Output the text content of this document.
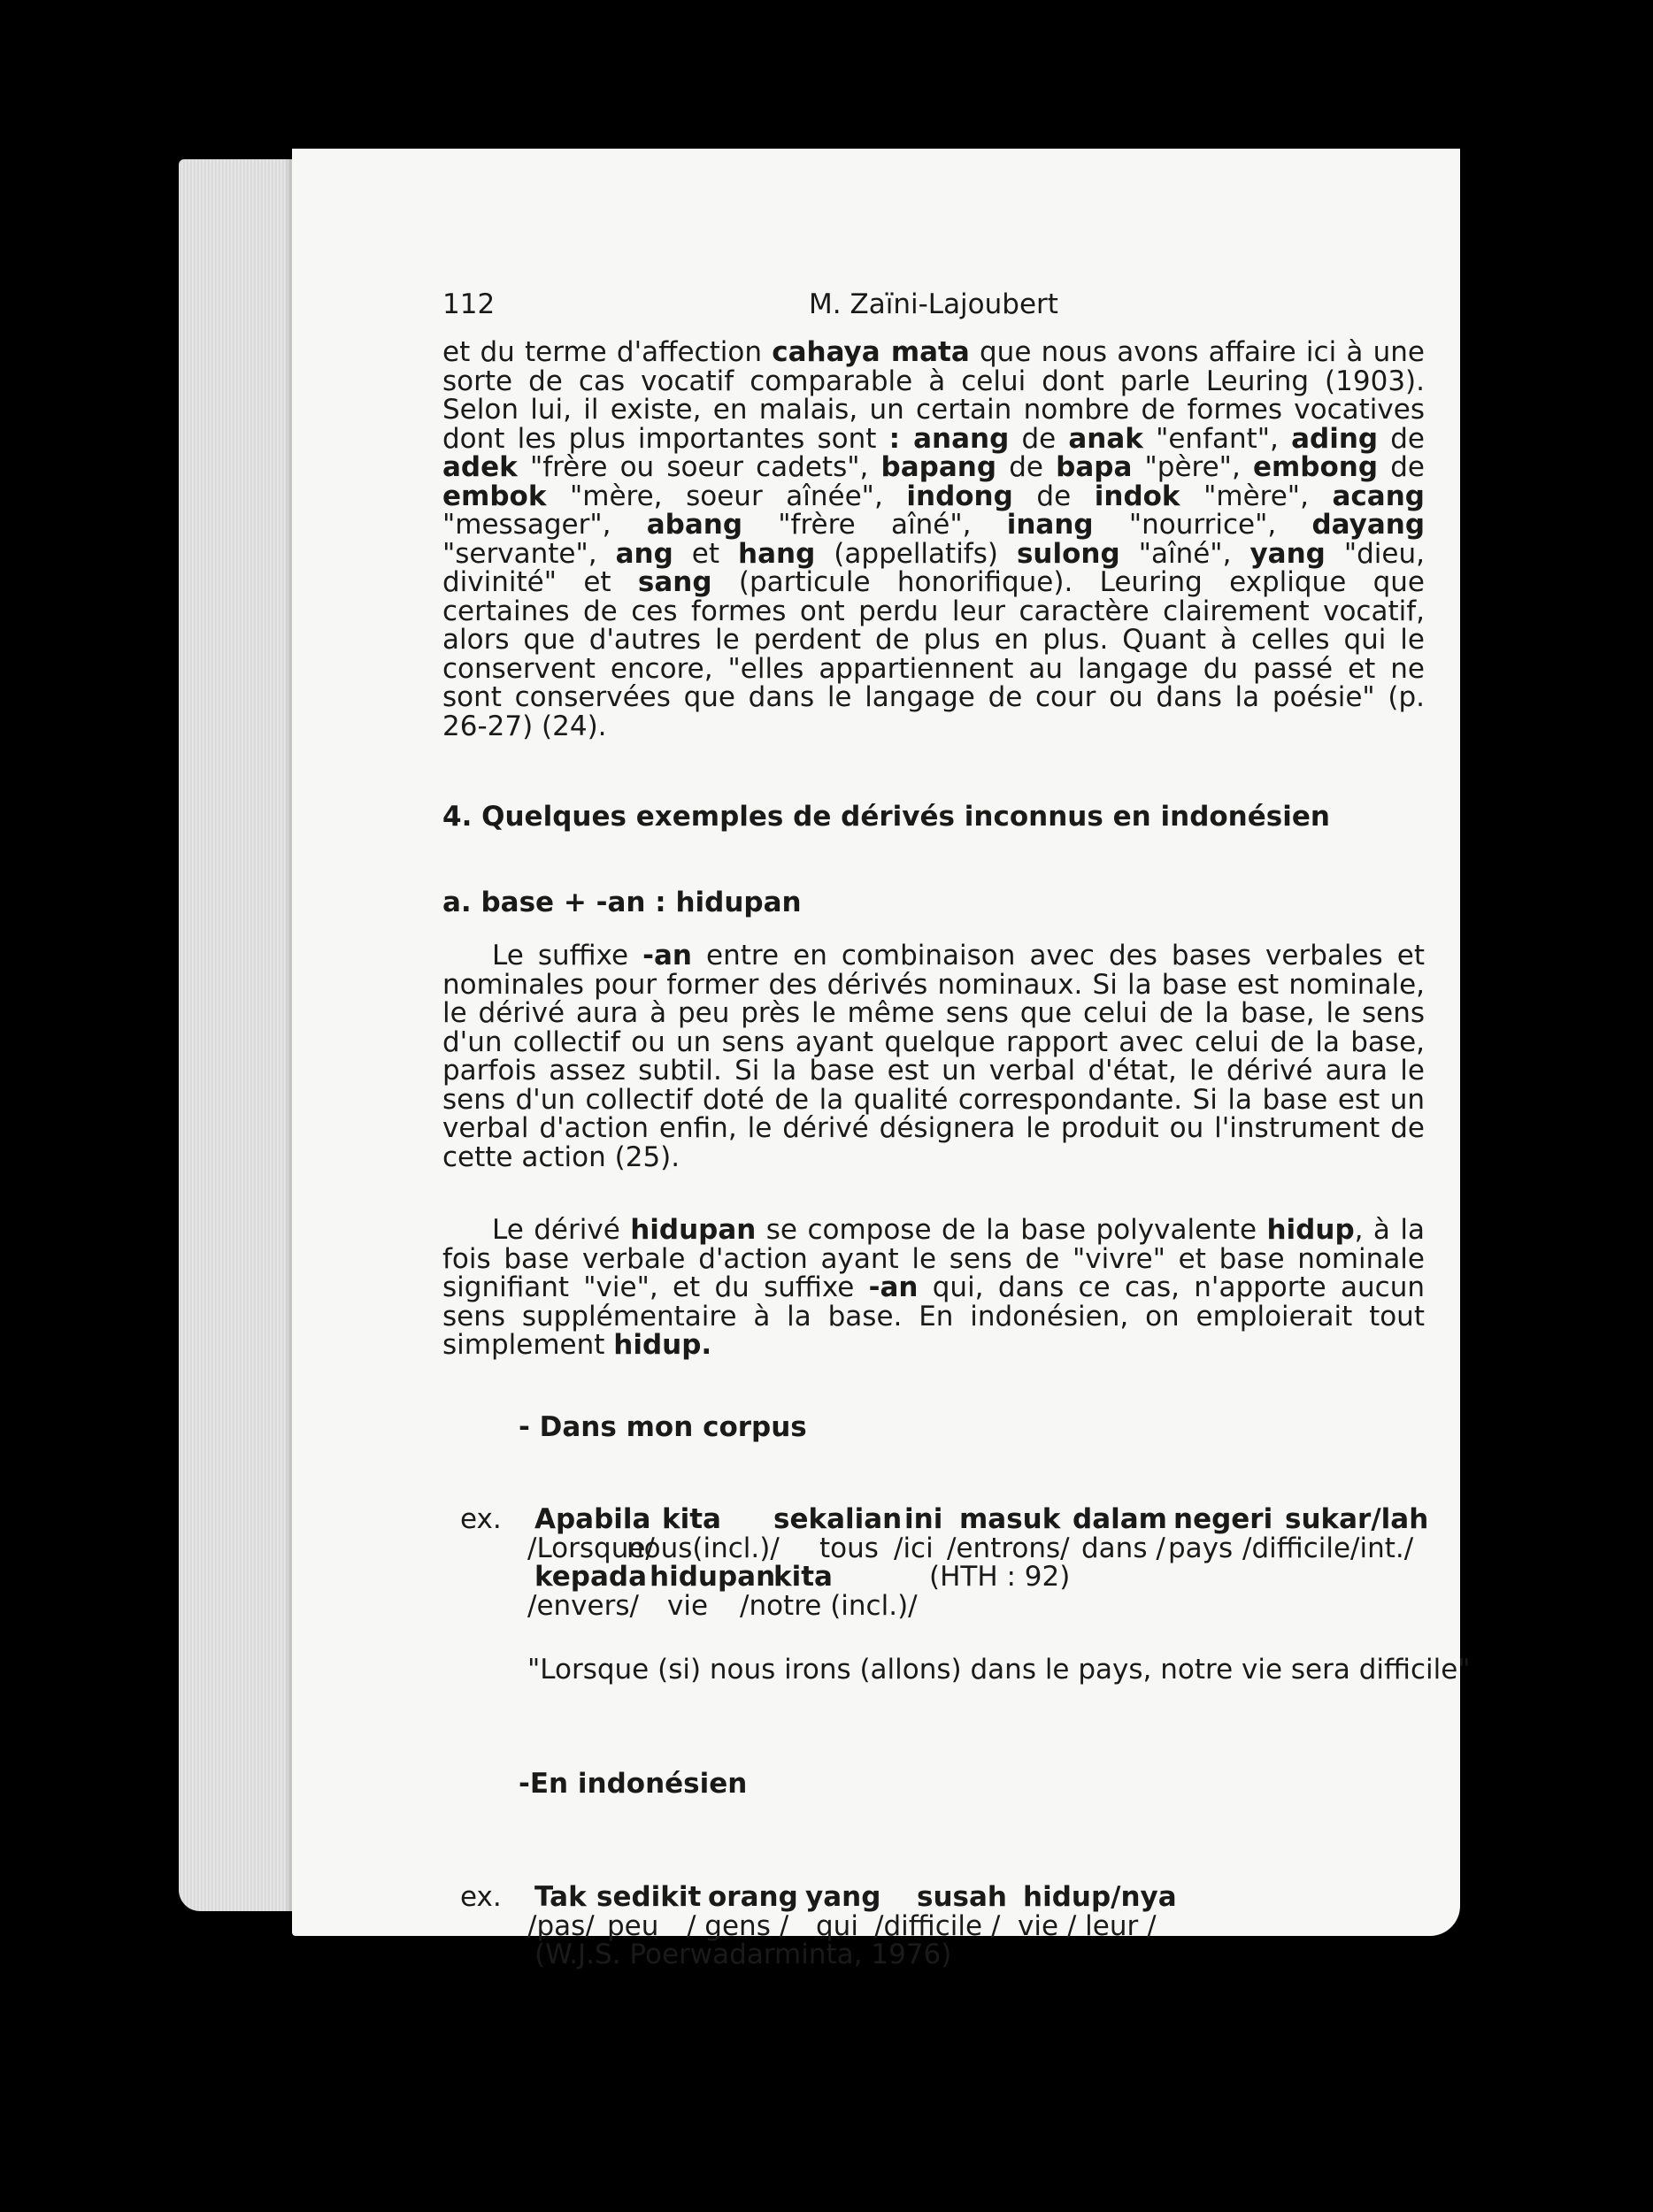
112	M. Zaïni-Lajoubert

et du terme d'affection cahaya mata que nous avons affaire ici à une sorte de cas vocatif comparable à celui dont parle Leuring (1903). Selon lui, il existe, en malais, un certain nombre de formes vocatives dont les plus importantes sont : anang de anak "enfant", ading de adek "frère ou soeur cadets", bapang de bapa "père", embong de embok "mère, soeur aînée", indong de indok "mère", acang "messager", abang "frère aîné", inang "nourrice", dayang "servante", ang et hang (appellatifs) sulong "aîné", yang "dieu, divinité" et sang (particule honorifique). Leuring explique que certaines de ces formes ont perdu leur caractère clairement vocatif, alors que d'autres le perdent de plus en plus. Quant à celles qui le conservent encore, "elles appartiennent au langage du passé et ne sont conservées que dans le langage de cour ou dans la poésie" (p. 26-27) (24).

4. Quelques exemples de dérivés inconnus en indonésien
a. base + -an : hidupan

Le suffixe -an entre en combinaison avec des bases verbales et nominales pour former des dérivés nominaux. Si la base est nominale, le dérivé aura à peu près le même sens que celui de la base, le sens d'un collectif ou un sens ayant quelque rapport avec celui de la base, parfois assez subtil. Si la base est un verbal d'état, le dérivé aura le sens d'un collectif doté de la qualité correspondante. Si la base est un verbal d'action enfin, le dérivé désignera le produit ou l'instrument de cette action (25).

Le dérivé hidupan se compose de la base polyvalente hidup, à la fois base verbale d'action ayant le sens de "vivre" et base nominale signifiant "vie", et du suffixe -an qui, dans ce cas, n'apporte aucun sens supplémentaire à la base. En indonésien, on emploierait tout simplement hidup.

- Dans mon corpus
ex. Apabila kita sekalian ini masuk dalam negeri sukar/lah
/Lorsque/
nous(incl.)/ tous /ici /entrons/ dans / pays /difficile/int./
kepada hidupan
kita	(HTH : 92)
/envers/ vie /notre (incl.)/
"Lorsque (si) nous irons (allons) dans le pays, notre vie sera difficile"
-En indonésien
ex. Tak sedikit orang yang susah hidup/nya
/pas/ peu / gens / qui /difficile / vie / leur /
(W.J.S. Poerwadarminta, 1976)
